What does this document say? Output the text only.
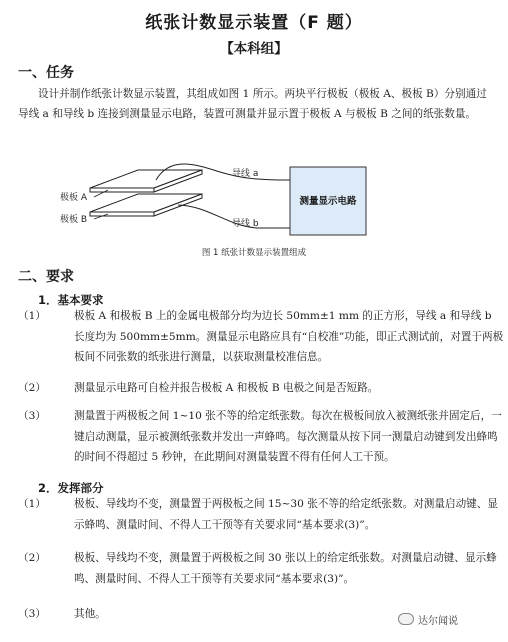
纸张计数显示装置（F 题）
【本科组】
一、任务
设计并制作纸张计数显示装置，其组成如图 1 所示。两块平行极板（极板 A、极板 B）分别通过导线 a 和导线 b 连接到测量显示电路，装置可测量并显示置于极板 A 与极板 B 之间的纸张数量。
极板 A
极板 B
导线 a
导线 b
测量显示电路
图 1 纸张计数显示装置组成
二、要求
1．基本要求
（1）	极板 A 和极板 B 上的金属电极部分均为边长 50mm±1 mm 的正方形，导线 a 和导线 b 长度均为 500mm±5mm。测量显示电路应具有“自校准”功能，即正式测试前，对置于两极板间不同张数的纸张进行测量，以获取测量校准信息。
（2）	测量显示电路可自检并报告极板 A 和极板 B 电极之间是否短路。
（3）	测量置于两极板之间 1~10 张不等的给定纸张数。每次在极板间放入被测纸张并固定后，一键启动测量，显示被测纸张数并发出一声蜂鸣。每次测量从按下同一测量启动键到发出蜂鸣的时间不得超过 5 秒钟，在此期间对测量装置不得有任何人工干预。
2．发挥部分
（1）	极板、导线均不变，测量置于两极板之间 15~30 张不等的给定纸张数。对测量启动键、显示蜂鸣、测量时间、不得人工干预等有关要求同“基本要求(3)”。
（2）	极板、导线均不变，测量置于两极板之间 30 张以上的给定纸张数。对测量启动键、显示蜂鸣、测量时间、不得人工干预等有关要求同“基本要求(3)”。
（3）	其他。
达尔闻说
